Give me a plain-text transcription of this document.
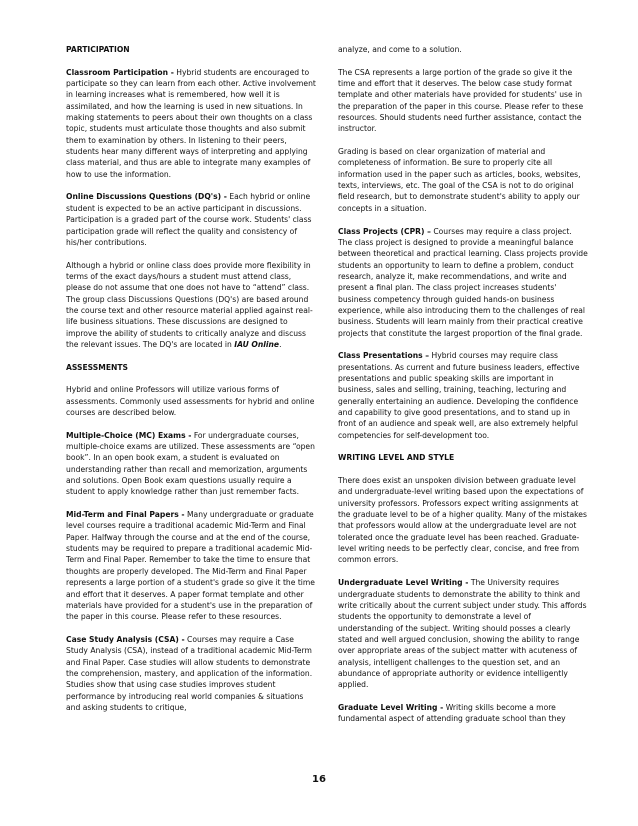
PARTICIPATION

Classroom Participation - Hybrid students are encouraged to participate so they can learn from each other. Active involvement in learning increases what is remembered, how well it is assimilated, and how the learning is used in new situations. In making statements to peers about their own thoughts on a class topic, students must articulate those thoughts and also submit them to examination by others. In listening to their peers, students hear many different ways of interpreting and applying class material, and thus are able to integrate many examples of how to use the information.

Online Discussions Questions (DQ's) - Each hybrid or online student is expected to be an active participant in discussions. Participation is a graded part of the course work. Students' class participation grade will reflect the quality and consistency of his/her contributions.

Although a hybrid or online class does provide more flexibility in terms of the exact days/hours a student must attend class, please do not assume that one does not have to “attend” class. The group class Discussions Questions (DQ's) are based around the course text and other resource material applied against real-life business situations. These discussions are designed to improve the ability of students to critically analyze and discuss the relevant issues. The DQ's are located in IAU Online.

ASSESSMENTS

Hybrid and online Professors will utilize various forms of assessments. Commonly used assessments for hybrid and online courses are described below.

Multiple-Choice (MC) Exams - For undergraduate courses, multiple-choice exams are utilized. These assessments are “open book”. In an open book exam, a student is evaluated on understanding rather than recall and memorization, arguments and solutions. Open Book exam questions usually require a student to apply knowledge rather than just remember facts.

Mid-Term and Final Papers - Many undergraduate or graduate level courses require a traditional academic Mid-Term and Final Paper. Halfway through the course and at the end of the course, students may be required to prepare a traditional academic Mid-Term and Final Paper. Remember to take the time to ensure that thoughts are properly developed. The Mid-Term and Final Paper represents a large portion of a student's grade so give it the time and effort that it deserves. A paper format template and other materials have provided for a student's use in the preparation of the paper in this course. Please refer to these resources.

Case Study Analysis (CSA) - Courses may require a Case Study Analysis (CSA), instead of a traditional academic Mid-Term and Final Paper. Case studies will allow students to demonstrate the comprehension, mastery, and application of the information. Studies show that using case studies improves student performance by introducing real world companies & situations and asking students to critique,

analyze, and come to a solution.

The CSA represents a large portion of the grade so give it the time and effort that it deserves. The below case study format template and other materials have provided for students' use in the preparation of the paper in this course. Please refer to these resources. Should students need further assistance, contact the instructor.

Grading is based on clear organization of material and completeness of information. Be sure to properly cite all information used in the paper such as articles, books, websites, texts, interviews, etc. The goal of the CSA is not to do original field research, but to demonstrate student's ability to apply our concepts in a situation.

Class Projects (CPR) – Courses may require a class project. The class project is designed to provide a meaningful balance between theoretical and practical learning. Class projects provide students an opportunity to learn to define a problem, conduct research, analyze it, make recommendations, and write and present a final plan. The class project increases students' business competency through guided hands-on business experience, while also introducing them to the challenges of real business. Students will learn mainly from their practical creative projects that constitute the largest proportion of the final grade.

Class Presentations – Hybrid courses may require class presentations. As current and future business leaders, effective presentations and public speaking skills are important in business, sales and selling, training, teaching, lecturing and generally entertaining an audience. Developing the confidence and capability to give good presentations, and to stand up in front of an audience and speak well, are also extremely helpful competencies for self-development too.

WRITING LEVEL AND STYLE

There does exist an unspoken division between graduate level and undergraduate-level writing based upon the expectations of university professors. Professors expect writing assignments at the graduate level to be of a higher quality. Many of the mistakes that professors would allow at the undergraduate level are not tolerated once the graduate level has been reached. Graduate-level writing needs to be perfectly clear, concise, and free from common errors.

Undergraduate Level Writing - The University requires undergraduate students to demonstrate the ability to think and write critically about the current subject under study. This affords students the opportunity to demonstrate a level of understanding of the subject. Writing should posses a clearly stated and well argued conclusion, showing the ability to range over appropriate areas of the subject matter with acuteness of analysis, intelligent challenges to the question set, and an abundance of appropriate authority or evidence intelligently applied.

Graduate Level Writing - Writing skills become a more fundamental aspect of attending graduate school than they

16
